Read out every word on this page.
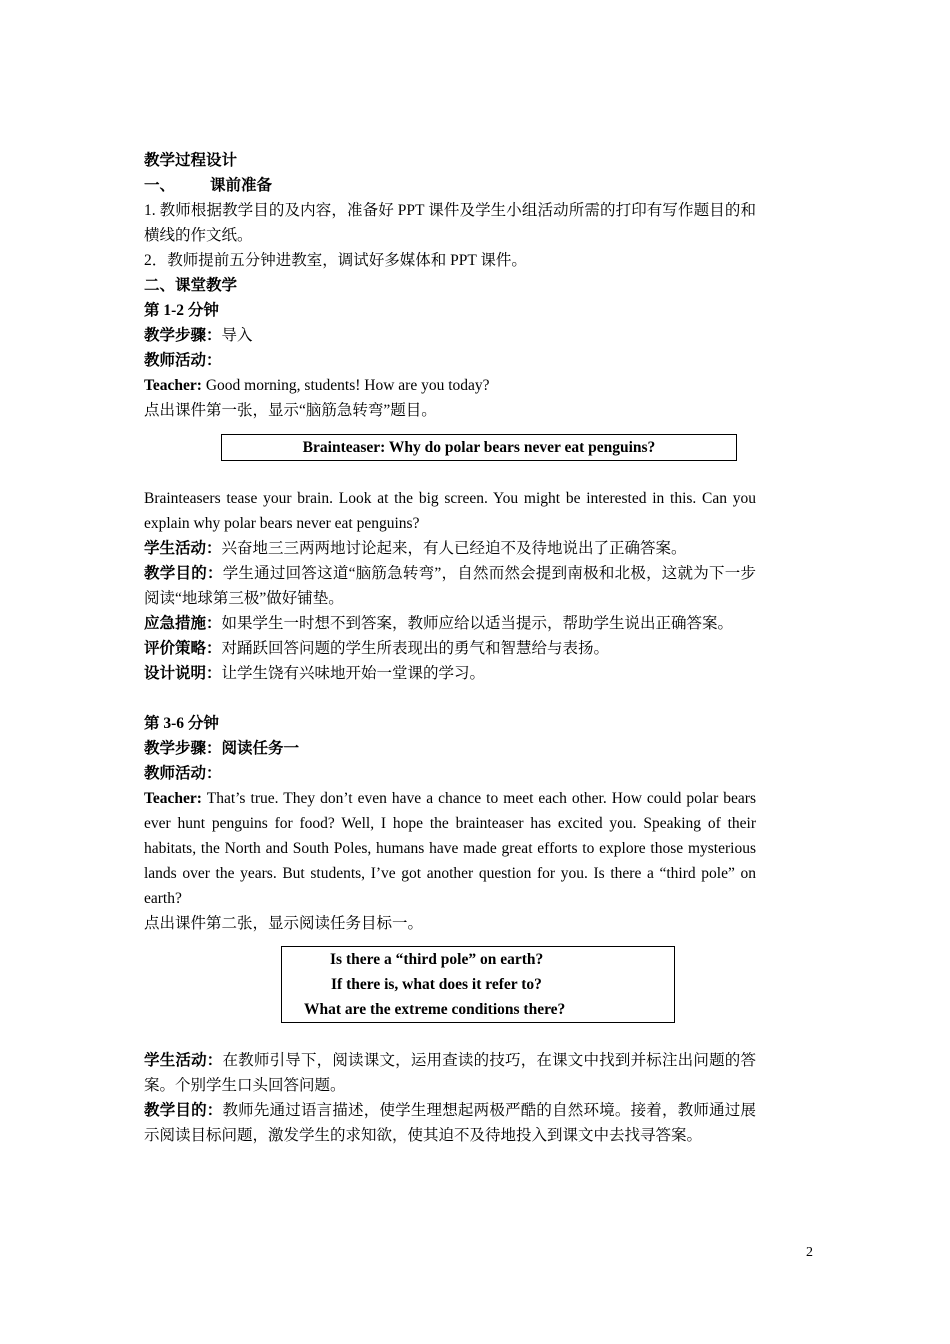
教学过程设计
一、 课前准备
1. 教师根据教学目的及内容，准备好 PPT 课件及学生小组活动所需的打印有写作题目的和横线的作文纸。
2．教师提前五分钟进教室，调试好多媒体和 PPT 课件。
二、课堂教学
第 1-2 分钟
教学步骤：导入
教师活动：
Teacher: Good morning, students! How are you today?
点出课件第一张，显示“脑筋急转弯”题目。
Brainteaser: Why do polar bears never eat penguins?
Brainteasers tease your brain. Look at the big screen. You might be interested in this. Can you explain why polar bears never eat penguins?
学生活动：兴奋地三三两两地讨论起来，有人已经迫不及待地说出了正确答案。
教学目的：学生通过回答这道“脑筋急转弯”，自然而然会提到南极和北极，这就为下一步阅读“地球第三极”做好铺垫。
应急措施：如果学生一时想不到答案，教师应给以适当提示，帮助学生说出正确答案。
评价策略：对踊跃回答问题的学生所表现出的勇气和智慧给与表扬。
设计说明：让学生饶有兴味地开始一堂课的学习。
第 3-6 分钟
教学步骤：阅读任务一
教师活动：
Teacher: That’s true. They don’t even have a chance to meet each other. How could polar bears ever hunt penguins for food? Well, I hope the brainteaser has excited you. Speaking of their habitats, the North and South Poles, humans have made great efforts to explore those mysterious lands over the years. But students, I’ve got another question for you. Is there a “third pole” on earth?
点出课件第二张，显示阅读任务目标一。
Is there a “third pole” on earth?
If there is, what does it refer to?
What are the extreme conditions there?
学生活动：在教师引导下，阅读课文，运用查读的技巧，在课文中找到并标注出问题的答案。个别学生口头回答问题。
教学目的：教师先通过语言描述，使学生理想起两极严酷的自然环境。接着，教师通过展示阅读目标问题，激发学生的求知欲，使其迫不及待地投入到课文中去找寻答案。
2
